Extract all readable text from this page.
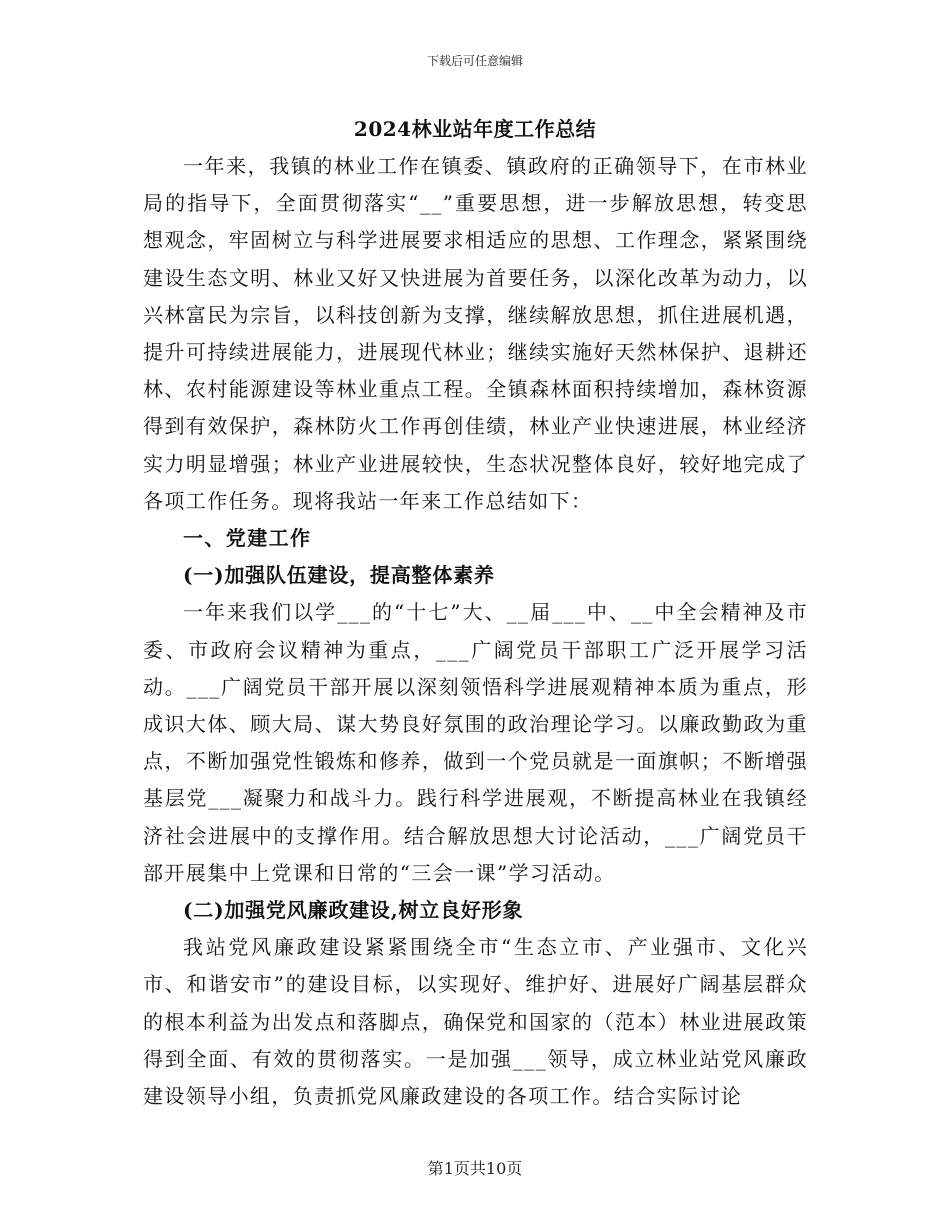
下载后可任意编辑
2024林业站年度工作总结

一年来，我镇的林业工作在镇委、镇政府的正确领导下，在市林业局的指导下，全面贯彻落实“__”重要思想，进一步解放思想，转变思想观念，牢固树立与科学进展要求相适应的思想、工作理念，紧紧围绕建设生态文明、林业又好又快进展为首要任务，以深化改革为动力，以兴林富民为宗旨，以科技创新为支撑，继续解放思想，抓住进展机遇，提升可持续进展能力，进展现代林业；继续实施好天然林保护、退耕还林、农村能源建设等林业重点工程。全镇森林面积持续增加，森林资源得到有效保护，森林防火工作再创佳绩，林业产业快速进展，林业经济实力明显增强；林业产业进展较快，生态状况整体良好，较好地完成了各项工作任务。现将我站一年来工作总结如下：

一、党建工作
(一)加强队伍建设，提高整体素养

一年来我们以学___的“十七”大、__届___中、__中全会精神及市委、市政府会议精神为重点，___广阔党员干部职工广泛开展学习活动。___广阔党员干部开展以深刻领悟科学进展观精神本质为重点，形成识大体、顾大局、谋大势良好氛围的政治理论学习。以廉政勤政为重点，不断加强党性锻炼和修养，做到一个党员就是一面旗帜；不断增强基层党___凝聚力和战斗力。践行科学进展观，不断提高林业在我镇经济社会进展中的支撑作用。结合解放思想大讨论活动，___广阔党员干部开展集中上党课和日常的“三会一课”学习活动。

(二)加强党风廉政建设,树立良好形象

我站党风廉政建设紧紧围绕全市“生态立市、产业强市、文化兴市、和谐安市”的建设目标，以实现好、维护好、进展好广阔基层群众的根本利益为出发点和落脚点，确保党和国家的（范本）林业进展政策得到全面、有效的贯彻落实。一是加强___领导，成立林业站党风廉政建设领导小组，负责抓党风廉政建设的各项工作。结合实际讨论

第1页共10页
